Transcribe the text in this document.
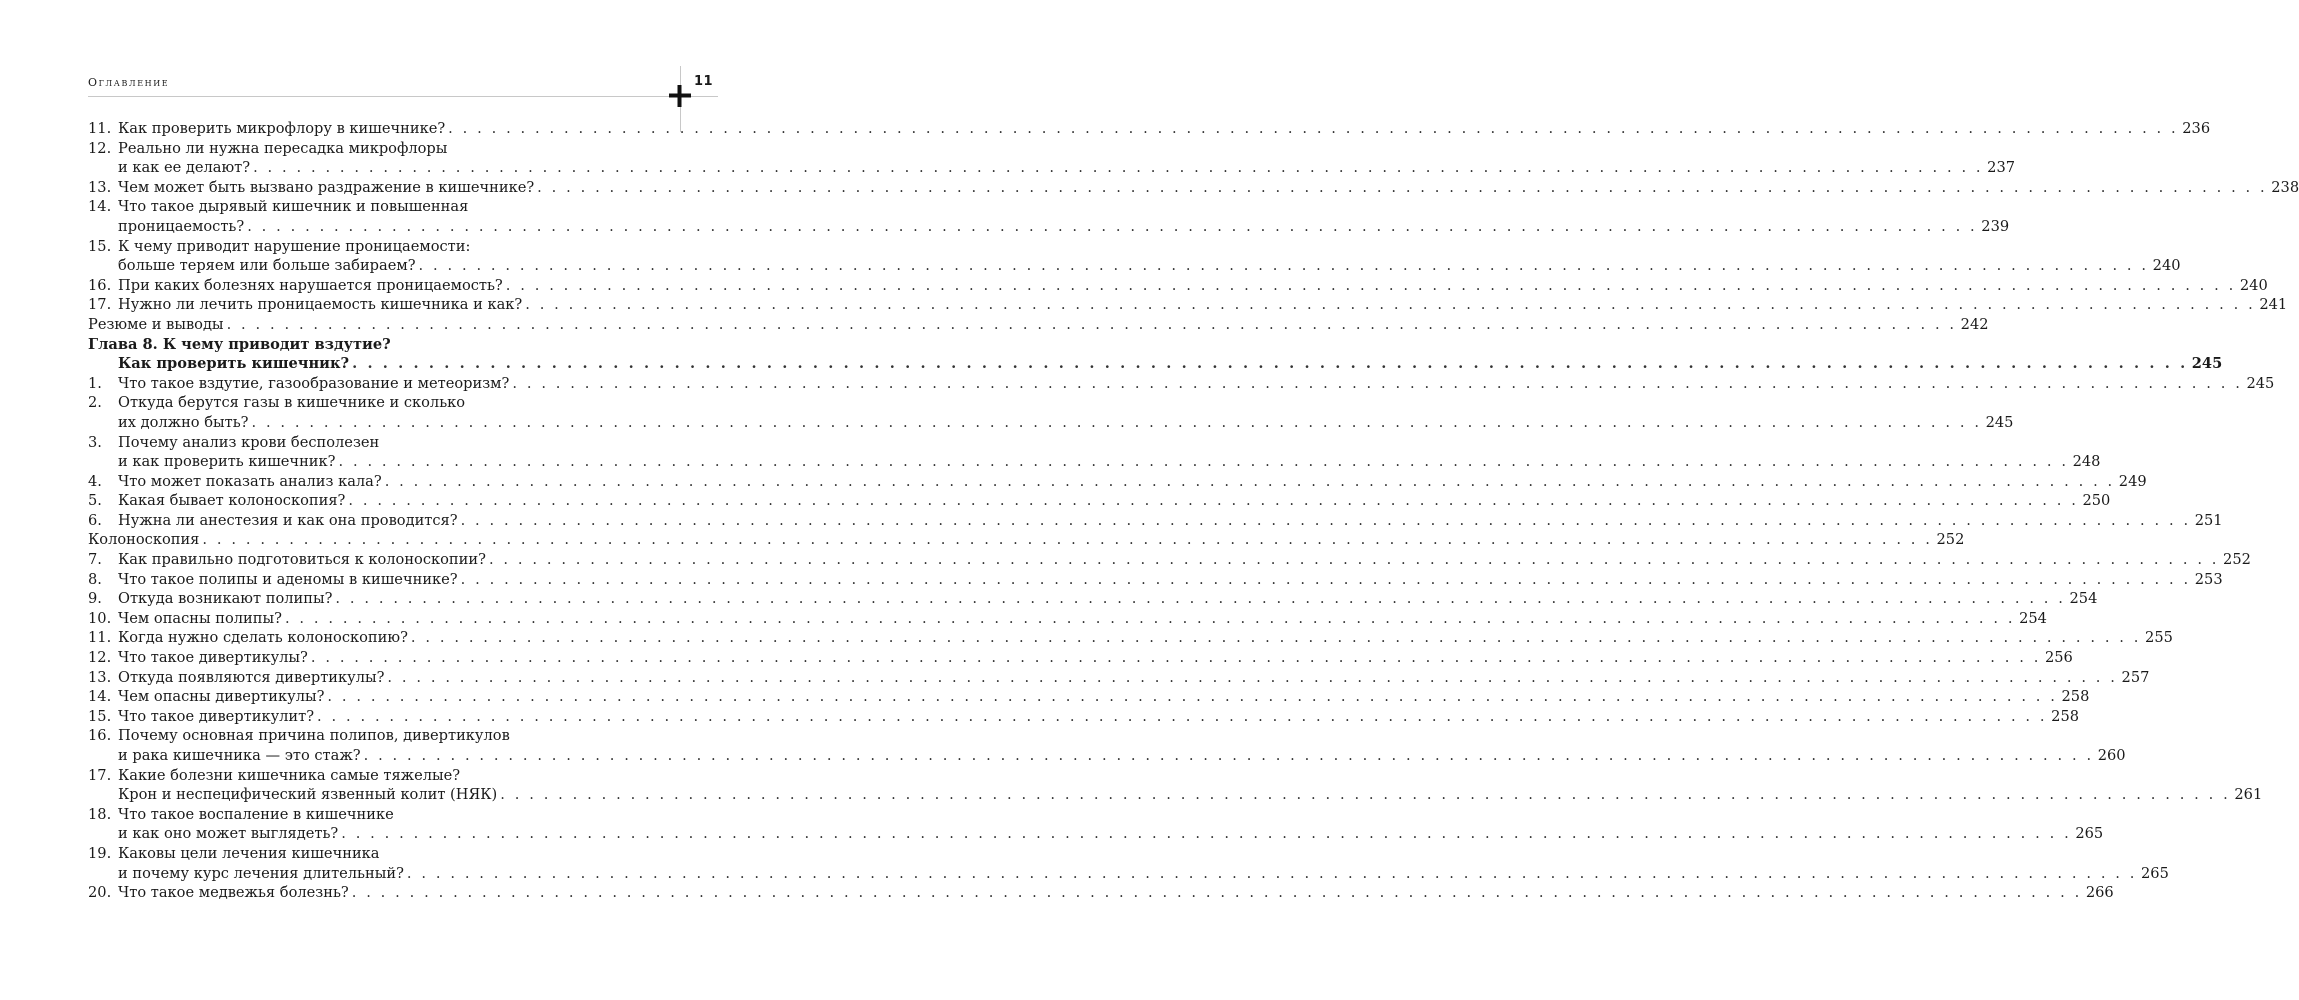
Оглавление	11
11. Как проверить микрофлору в кишечнике? . . . . . . . . . . . . . . . . . . . . . . . . . . . . . . . . . . . . . . . . . . . . . . . . . . . . . . . . . . . . . . . . . . . . . . . . . . . . . . . . . . . . . . . . . . . . . . . . . . . . . . . . . . . . . . . . . . . . . . . . 236
12. Реально ли нужна пересадка микрофлоры
и как ее делают? . . . . . . . . . . . . . . . . . . . . . . . . . . . . . . . . . . . . . . . . . . . . . . . . . . . . . . . . . . . . . . . . . . . . . . . . . . . . . . . . . . . . . . . . . . . . . . . . . . . . . . . . . . . . . . . . . . . . . . . . 237
13. Чем может быть вызвано раздражение в кишечнике? . . . . . . . . . . . . . . . . . . . . . . . . . . . . . . . . . . . . . . . . . . . . . . . . . . . . . . . . . . . . . . . . . . . . . . . . . . . . . . . . . . . . . . . . . . . . . . . . . . . . . . . . . . . . . . . . . . . . . . . . 238
14. Что такое дырявый кишечник и повышенная
проницаемость? . . . . . . . . . . . . . . . . . . . . . . . . . . . . . . . . . . . . . . . . . . . . . . . . . . . . . . . . . . . . . . . . . . . . . . . . . . . . . . . . . . . . . . . . . . . . . . . . . . . . . . . . . . . . . . . . . . . . . . . . 239
15. К чему приводит нарушение проницаемости:
больше теряем или больше забираем? . . . . . . . . . . . . . . . . . . . . . . . . . . . . . . . . . . . . . . . . . . . . . . . . . . . . . . . . . . . . . . . . . . . . . . . . . . . . . . . . . . . . . . . . . . . . . . . . . . . . . . . . . . . . . . . . . . . . . . . . 240
16. При каких болезнях нарушается проницаемость? . . . . . . . . . . . . . . . . . . . . . . . . . . . . . . . . . . . . . . . . . . . . . . . . . . . . . . . . . . . . . . . . . . . . . . . . . . . . . . . . . . . . . . . . . . . . . . . . . . . . . . . . . . . . . . . . . . . . . . . . 240
17. Нужно ли лечить проницаемость кишечника и как? . . . . . . . . . . . . . . . . . . . . . . . . . . . . . . . . . . . . . . . . . . . . . . . . . . . . . . . . . . . . . . . . . . . . . . . . . . . . . . . . . . . . . . . . . . . . . . . . . . . . . . . . . . . . . . . . . . . . . . . . 241
Резюме и выводы . . . . . . . . . . . . . . . . . . . . . . . . . . . . . . . . . . . . . . . . . . . . . . . . . . . . . . . . . . . . . . . . . . . . . . . . . . . . . . . . . . . . . . . . . . . . . . . . . . . . . . . . . . . . . . . . . . . . . . . . 242
Глава 8. К чему приводит вздутие?
Как проверить кишечник? . . . . . . . . . . . . . . . . . . . . . . . . . . . . . . . . . . . . . . . . . . . . . . . . . . . . . . . . . . . . . . . . . . . . . . . . . . . . . . . . . . . . . . . . . . . . . . . . . . . . . . . . . . . . . . . . . . . . . . . . 245
1.	Что такое вздутие, газообразование и метеоризм? . . . . . . . . . . . . . . . . . . . . . . . . . . . . . . . . . . . . . . . . . . . . . . . . . . . . . . . . . . . . . . . . . . . . . . . . . . . . . . . . . . . . . . . . . . . . . . . . . . . . . . . . . . . . . . . . . . . . . . . . 245
2.	Откуда берутся газы в кишечнике и сколько
их должно быть? . . . . . . . . . . . . . . . . . . . . . . . . . . . . . . . . . . . . . . . . . . . . . . . . . . . . . . . . . . . . . . . . . . . . . . . . . . . . . . . . . . . . . . . . . . . . . . . . . . . . . . . . . . . . . . . . . . . . . . . . 245
3.	Почему анализ крови бесполезен
и как проверить кишечник? . . . . . . . . . . . . . . . . . . . . . . . . . . . . . . . . . . . . . . . . . . . . . . . . . . . . . . . . . . . . . . . . . . . . . . . . . . . . . . . . . . . . . . . . . . . . . . . . . . . . . . . . . . . . . . . . . . . . . . . . 248
4.	Что может показать анализ кала? . . . . . . . . . . . . . . . . . . . . . . . . . . . . . . . . . . . . . . . . . . . . . . . . . . . . . . . . . . . . . . . . . . . . . . . . . . . . . . . . . . . . . . . . . . . . . . . . . . . . . . . . . . . . . . . . . . . . . . . . 249
5.	Какая бывает колоноскопия? . . . . . . . . . . . . . . . . . . . . . . . . . . . . . . . . . . . . . . . . . . . . . . . . . . . . . . . . . . . . . . . . . . . . . . . . . . . . . . . . . . . . . . . . . . . . . . . . . . . . . . . . . . . . . . . . . . . . . . . . 250
6.	Нужна ли анестезия и как она проводится? . . . . . . . . . . . . . . . . . . . . . . . . . . . . . . . . . . . . . . . . . . . . . . . . . . . . . . . . . . . . . . . . . . . . . . . . . . . . . . . . . . . . . . . . . . . . . . . . . . . . . . . . . . . . . . . . . . . . . . . . 251
Колоноскопия . . . . . . . . . . . . . . . . . . . . . . . . . . . . . . . . . . . . . . . . . . . . . . . . . . . . . . . . . . . . . . . . . . . . . . . . . . . . . . . . . . . . . . . . . . . . . . . . . . . . . . . . . . . . . . . . . . . . . . . . 252
7.	Как правильно подготовиться к колоноскопии? . . . . . . . . . . . . . . . . . . . . . . . . . . . . . . . . . . . . . . . . . . . . . . . . . . . . . . . . . . . . . . . . . . . . . . . . . . . . . . . . . . . . . . . . . . . . . . . . . . . . . . . . . . . . . . . . . . . . . . . . 252
8.	Что такое полипы и аденомы в кишечнике? . . . . . . . . . . . . . . . . . . . . . . . . . . . . . . . . . . . . . . . . . . . . . . . . . . . . . . . . . . . . . . . . . . . . . . . . . . . . . . . . . . . . . . . . . . . . . . . . . . . . . . . . . . . . . . . . . . . . . . . . 253
9.	Откуда возникают полипы? . . . . . . . . . . . . . . . . . . . . . . . . . . . . . . . . . . . . . . . . . . . . . . . . . . . . . . . . . . . . . . . . . . . . . . . . . . . . . . . . . . . . . . . . . . . . . . . . . . . . . . . . . . . . . . . . . . . . . . . . 254
10. Чем опасны полипы? . . . . . . . . . . . . . . . . . . . . . . . . . . . . . . . . . . . . . . . . . . . . . . . . . . . . . . . . . . . . . . . . . . . . . . . . . . . . . . . . . . . . . . . . . . . . . . . . . . . . . . . . . . . . . . . . . . . . . . . . 254
11. Когда нужно сделать колоноскопию? . . . . . . . . . . . . . . . . . . . . . . . . . . . . . . . . . . . . . . . . . . . . . . . . . . . . . . . . . . . . . . . . . . . . . . . . . . . . . . . . . . . . . . . . . . . . . . . . . . . . . . . . . . . . . . . . . . . . . . . . 255
12. Что такое дивертикулы? . . . . . . . . . . . . . . . . . . . . . . . . . . . . . . . . . . . . . . . . . . . . . . . . . . . . . . . . . . . . . . . . . . . . . . . . . . . . . . . . . . . . . . . . . . . . . . . . . . . . . . . . . . . . . . . . . . . . . . . . 256
13. Откуда появляются дивертикулы? . . . . . . . . . . . . . . . . . . . . . . . . . . . . . . . . . . . . . . . . . . . . . . . . . . . . . . . . . . . . . . . . . . . . . . . . . . . . . . . . . . . . . . . . . . . . . . . . . . . . . . . . . . . . . . . . . . . . . . . . 257
14. Чем опасны дивертикулы? . . . . . . . . . . . . . . . . . . . . . . . . . . . . . . . . . . . . . . . . . . . . . . . . . . . . . . . . . . . . . . . . . . . . . . . . . . . . . . . . . . . . . . . . . . . . . . . . . . . . . . . . . . . . . . . . . . . . . . . . 258
15. Что такое дивертикулит? . . . . . . . . . . . . . . . . . . . . . . . . . . . . . . . . . . . . . . . . . . . . . . . . . . . . . . . . . . . . . . . . . . . . . . . . . . . . . . . . . . . . . . . . . . . . . . . . . . . . . . . . . . . . . . . . . . . . . . . . 258
16. Почему основная причина полипов, дивертикулов
и рака кишечника — это стаж? . . . . . . . . . . . . . . . . . . . . . . . . . . . . . . . . . . . . . . . . . . . . . . . . . . . . . . . . . . . . . . . . . . . . . . . . . . . . . . . . . . . . . . . . . . . . . . . . . . . . . . . . . . . . . . . . . . . . . . . . 260
17. Какие болезни кишечника самые тяжелые?
Крон и неспецифический язвенный колит (НЯК) . . . . . . . . . . . . . . . . . . . . . . . . . . . . . . . . . . . . . . . . . . . . . . . . . . . . . . . . . . . . . . . . . . . . . . . . . . . . . . . . . . . . . . . . . . . . . . . . . . . . . . . . . . . . . . . . . . . . . . . . 261
18. Что такое воспаление в кишечнике
и как оно может выглядеть? . . . . . . . . . . . . . . . . . . . . . . . . . . . . . . . . . . . . . . . . . . . . . . . . . . . . . . . . . . . . . . . . . . . . . . . . . . . . . . . . . . . . . . . . . . . . . . . . . . . . . . . . . . . . . . . . . . . . . . . . 265
19. Каковы цели лечения кишечника
и почему курс лечения длительный? . . . . . . . . . . . . . . . . . . . . . . . . . . . . . . . . . . . . . . . . . . . . . . . . . . . . . . . . . . . . . . . . . . . . . . . . . . . . . . . . . . . . . . . . . . . . . . . . . . . . . . . . . . . . . . . . . . . . . . . . 265
20. Что такое медвежья болезнь? . . . . . . . . . . . . . . . . . . . . . . . . . . . . . . . . . . . . . . . . . . . . . . . . . . . . . . . . . . . . . . . . . . . . . . . . . . . . . . . . . . . . . . . . . . . . . . . . . . . . . . . . . . . . . . . . . . . . . . . . 266
